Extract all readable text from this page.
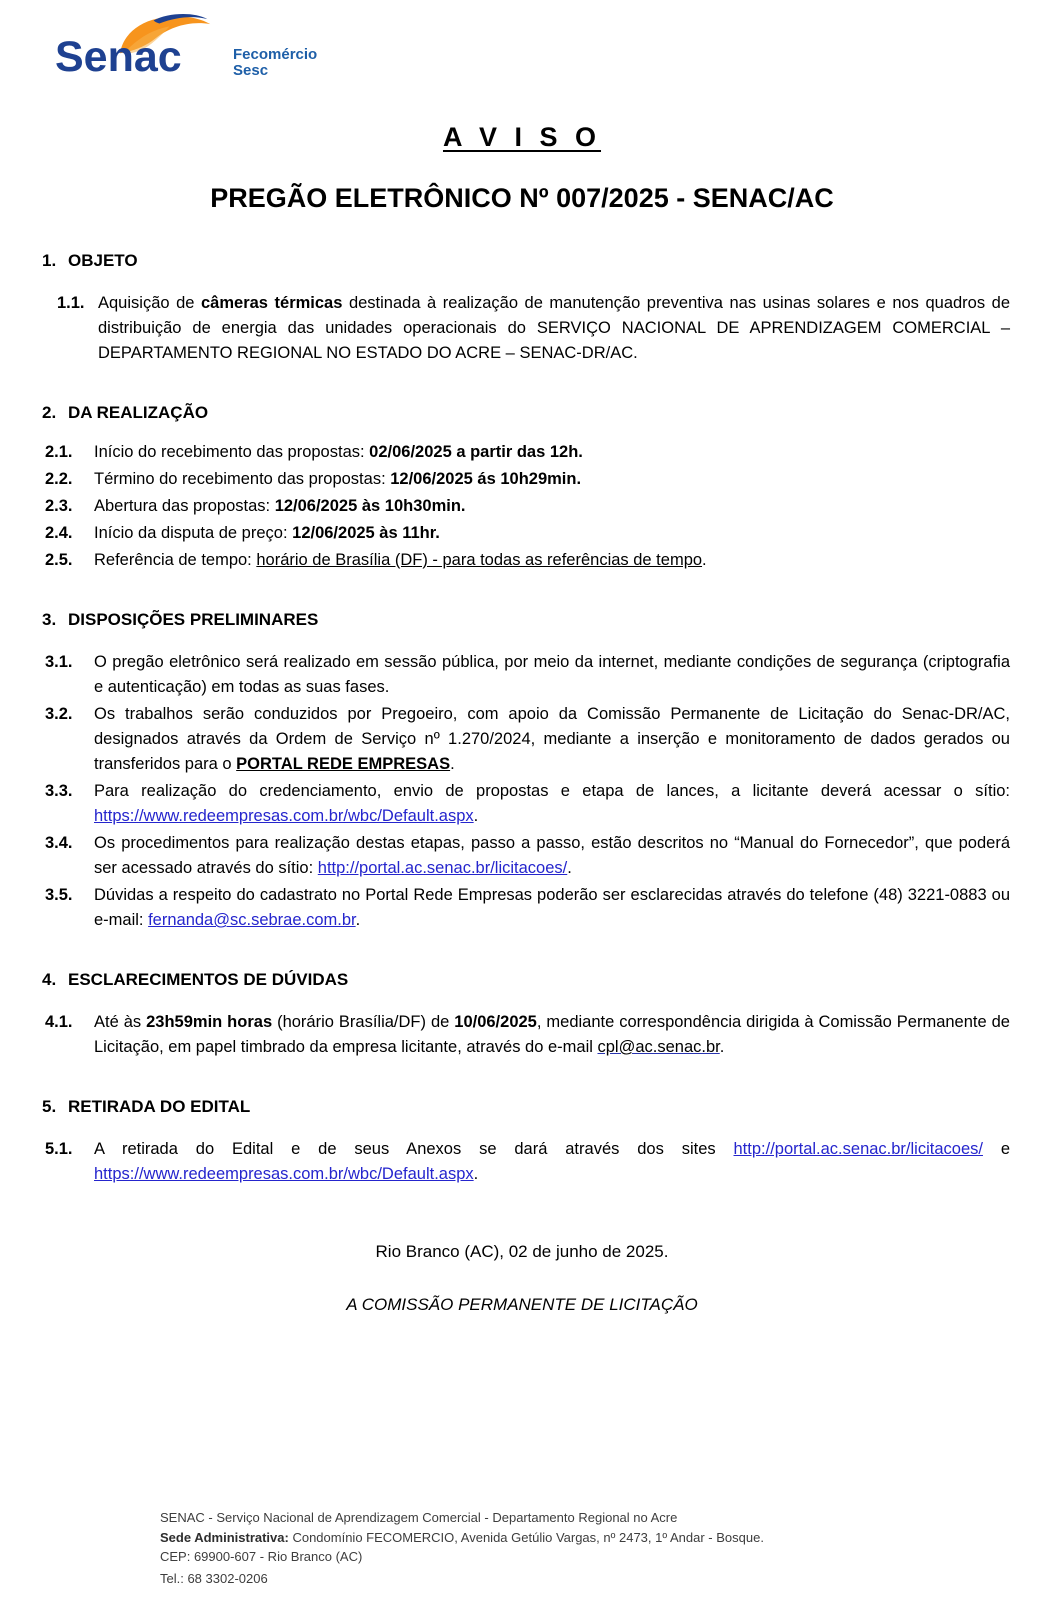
Senac	Fecomércio
Sesc
A V I S O
PREGÃO ELETRÔNICO Nº 007/2025 - SENAC/AC
1. OBJETO
1.1. Aquisição de câmeras térmicas destinada à realização de manutenção preventiva nas usinas solares e nos quadros de distribuição de energia das unidades operacionais do SERVIÇO NACIONAL DE APRENDIZAGEM COMERCIAL – DEPARTAMENTO REGIONAL NO ESTADO DO ACRE – SENAC-DR/AC.
2. DA REALIZAÇÃO
2.1.	Início do recebimento das propostas: 02/06/2025 a partir das 12h.
2.2.	Término do recebimento das propostas: 12/06/2025 ás 10h29min.
2.3.	Abertura das propostas: 12/06/2025 às 10h30min.
2.4.	Início da disputa de preço: 12/06/2025 às 11hr.
2.5.	Referência de tempo: horário de Brasília (DF) - para todas as referências de tempo.
3. DISPOSIÇÕES PRELIMINARES
3.1.	O pregão eletrônico será realizado em sessão pública, por meio da internet, mediante condições de segurança (criptografia e autenticação) em todas as suas fases.
3.2.	Os trabalhos serão conduzidos por Pregoeiro, com apoio da Comissão Permanente de Licitação do Senac-DR/AC, designados através da Ordem de Serviço nº 1.270/2024, mediante a inserção e monitoramento de dados gerados ou transferidos para o PORTAL REDE EMPRESAS.
3.3.	Para realização do credenciamento, envio de propostas e etapa de lances, a licitante deverá acessar o sítio: https://www.redeempresas.com.br/wbc/Default.aspx.
3.4.	Os procedimentos para realização destas etapas, passo a passo, estão descritos no “Manual do Fornecedor”, que poderá ser acessado através do sítio: http://portal.ac.senac.br/licitacoes/.
3.5.	Dúvidas a respeito do cadastrato no Portal Rede Empresas poderão ser esclarecidas através do telefone (48) 3221-0883 ou e-mail: fernanda@sc.sebrae.com.br.
4. ESCLARECIMENTOS DE DÚVIDAS
4.1.	Até às 23h59min horas (horário Brasília/DF) de 10/06/2025, mediante correspondência dirigida à Comissão Permanente de Licitação, em papel timbrado da empresa licitante, através do e-mail cpl@ac.senac.br.
5. RETIRADA DO EDITAL
5.1.	A retirada do Edital e de seus Anexos se dará através dos sites http://portal.ac.senac.br/licitacoes/ e https://www.redeempresas.com.br/wbc/Default.aspx.
Rio Branco (AC), 02 de junho de 2025.
A COMISSÃO PERMANENTE DE LICITAÇÃO
SENAC - Serviço Nacional de Aprendizagem Comercial - Departamento Regional no Acre
Sede Administrativa: Condomínio FECOMERCIO, Avenida Getúlio Vargas, nº 2473, 1º Andar - Bosque.
CEP: 69900-607 - Rio Branco (AC)
Tel.: 68 3302-0206
